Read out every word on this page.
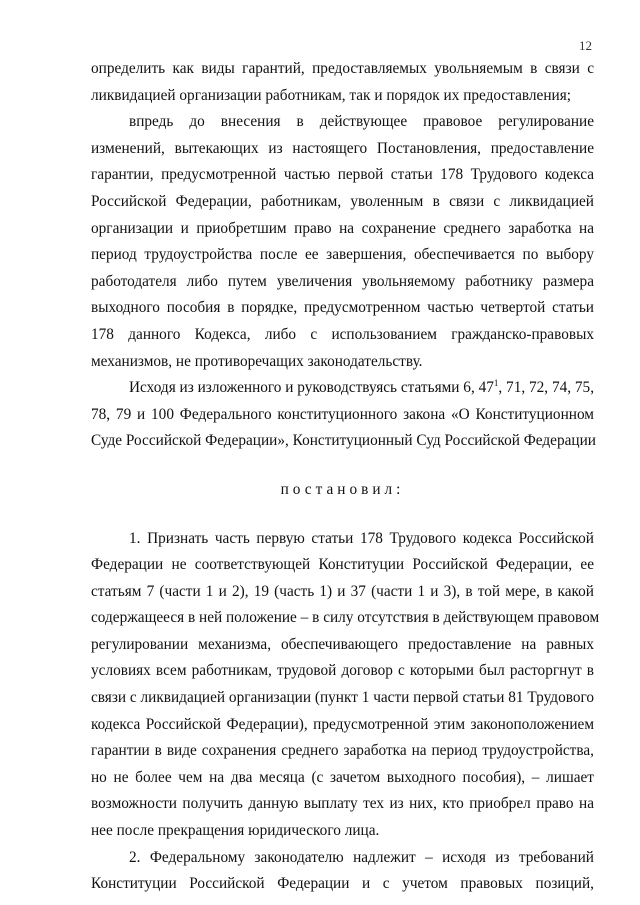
12
определить как виды гарантий, предоставляемых увольняемым в связи с
ликвидацией организации работникам, так и порядок их предоставления;
впредь до внесения в действующее правовое регулирование
изменений, вытекающих из настоящего Постановления, предоставление
гарантии, предусмотренной частью первой статьи 178 Трудового кодекса
Российской Федерации, работникам, уволенным в связи с ликвидацией
организации и приобретшим право на сохранение среднего заработка на
период трудоустройства после ее завершения, обеспечивается по выбору
работодателя либо путем увеличения увольняемому работнику размера
выходного пособия в порядке, предусмотренном частью четвертой статьи
178 данного Кодекса, либо с использованием гражданско-правовых
механизмов, не противоречащих законодательству.
Исходя из изложенного и руководствуясь статьями 6, $47^1$, 71, 72, 74, 75,
78, 79 и 100 Федерального конституционного закона «О Конституционном
Суде Российской Федерации», Конституционный Суд Российской Федерации
постановил:
1. Признать часть первую статьи 178 Трудового кодекса Российской
Федерации не соответствующей Конституции Российской Федерации, ее
статьям 7 (части 1 и 2), 19 (часть 1) и 37 (части 1 и 3), в той мере, в какой
содержащееся в ней положение – в силу отсутствия в действующем правовом
регулировании механизма, обеспечивающего предоставление на равных
условиях всем работникам, трудовой договор с которыми был расторгнут в
связи с ликвидацией организации (пункт 1 части первой статьи 81 Трудового
кодекса Российской Федерации), предусмотренной этим законоположением
гарантии в виде сохранения среднего заработка на период трудоустройства,
но не более чем на два месяца (с зачетом выходного пособия), – лишает
возможности получить данную выплату тех из них, кто приобрел право на
нее после прекращения юридического лица.
2. Федеральному законодателю надлежит – исходя из требований
Конституции Российской Федерации и с учетом правовых позиций,
